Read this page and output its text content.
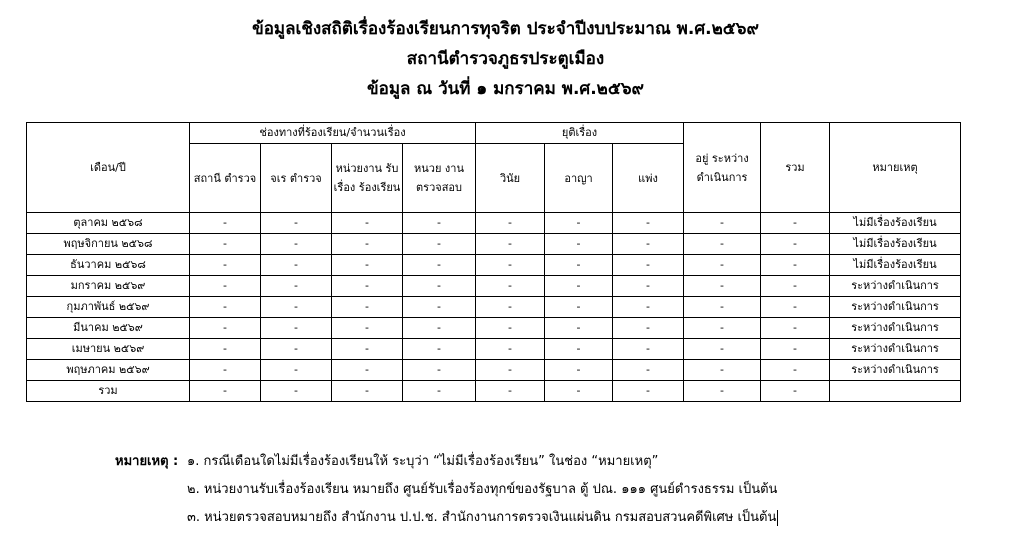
ข้อมูลเชิงสถิติเรื่องร้องเรียนการทุจริต ประจำปีงบประมาณ พ.ศ.๒๕๖๙
สถานีตำรวจภูธรประตูเมือง
ข้อมูล ณ วันที่ ๑ มกราคม พ.ศ.๒๕๖๙
เดือน/ปี	ช่องทางที่ร้องเรียน/จำนวนเรื่อง				ยุติเรื่อง			อยู่ ระหว่าง ดำเนินการ	รวม	หมายเหตุ
	สถานี ตำรวจ	จเร ตำรวจ	หน่วยงาน รับเรื่อง ร้องเรียน	หนวย งาน ตรวจสอบ	วินัย	อาญา	แพ่ง			
ตุลาคม ๒๕๖๘	-	-	-	-	-	-	-	-	-	ไม่มีเรื่องร้องเรียน
พฤษจิกายน ๒๕๖๘	-	-	-	-	-	-	-	-	-	ไม่มีเรื่องร้องเรียน
ธันวาคม ๒๕๖๘	-	-	-	-	-	-	-	-	-	ไม่มีเรื่องร้องเรียน
มกราคม ๒๕๖๙	-	-	-	-	-	-	-	-	-	ระหว่างดำเนินการ
กุมภาพันธ์ ๒๕๖๙	-	-	-	-	-	-	-	-	-	ระหว่างดำเนินการ
มีนาคม ๒๕๖๙	-	-	-	-	-	-	-	-	-	ระหว่างดำเนินการ
เมษายน ๒๕๖๙	-	-	-	-	-	-	-	-	-	ระหว่างดำเนินการ
พฤษภาคม ๒๕๖๙	-	-	-	-	-	-	-	-	-	ระหว่างดำเนินการ
รวม	-	-	-	-	-	-	-	-	-	
หมายเหตุ : ๑. กรณีเดือนใดไม่มีเรื่องร้องเรียนให้ ระบุว่า “ไม่มีเรื่องร้องเรียน” ในช่อง “หมายเหตุ”
๒. หน่วยงานรับเรื่องร้องเรียน หมายถึง ศูนย์รับเรื่องร้องทุกข์ของรัฐบาล ตู้ ปณ. ๑๑๑ ศูนย์ดำรงธรรม เป็นต้น
๓. หน่วยตรวจสอบหมายถึง สำนักงาน ป.ป.ช. สำนักงานการตรวจเงินแผ่นดิน กรมสอบสวนคดีพิเศษ เป็นต้น
